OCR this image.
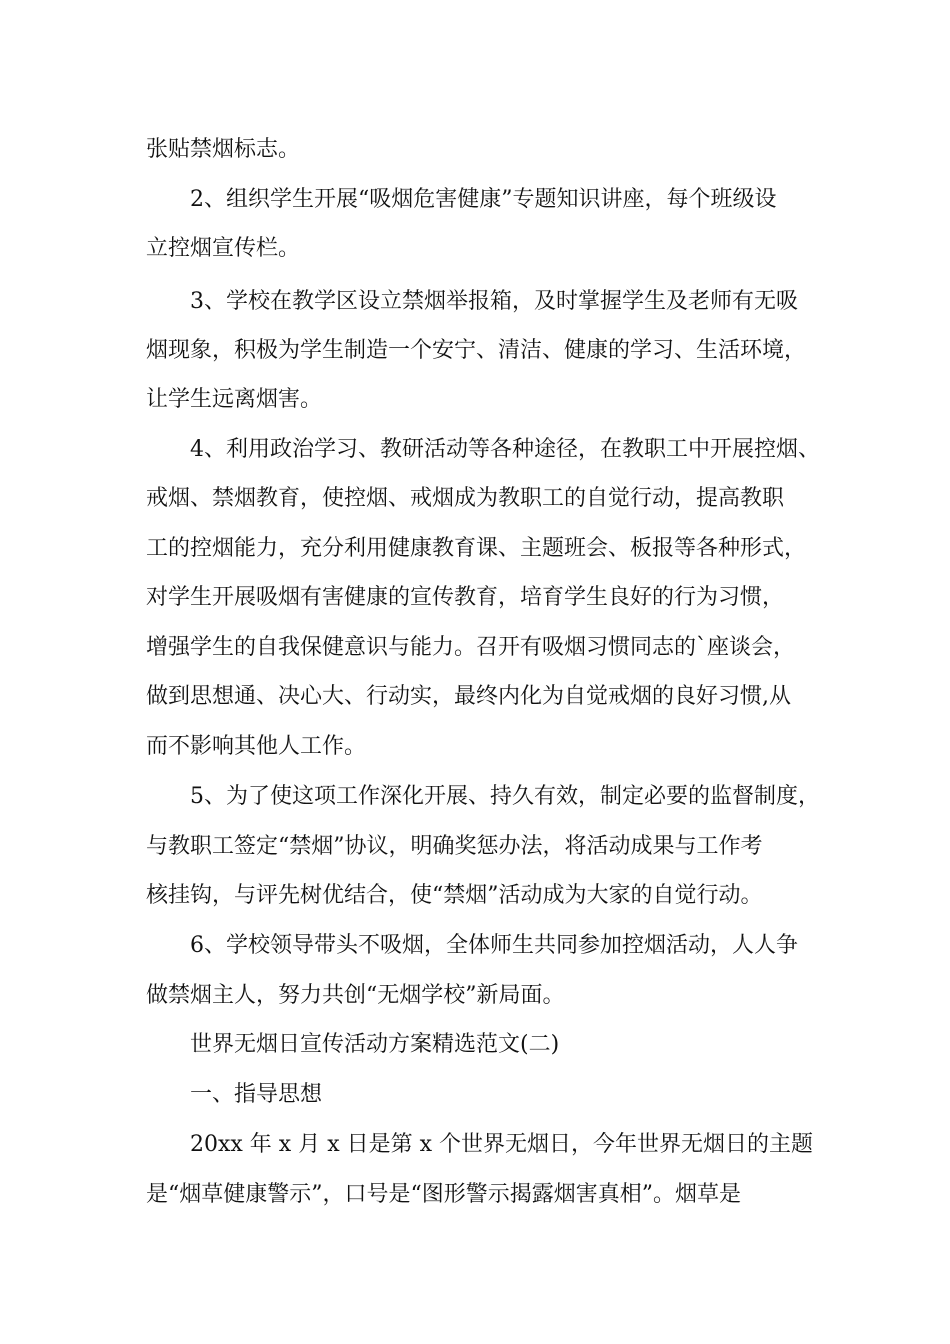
张贴禁烟标志。
2、组织学生开展“吸烟危害健康”专题知识讲座，每个班级设
立控烟宣传栏。
3、学校在教学区设立禁烟举报箱，及时掌握学生及老师有无吸
烟现象，积极为学生制造一个安宁、清洁、健康的学习、生活环境，
让学生远离烟害。
4、利用政治学习、教研活动等各种途径，在教职工中开展控烟、
戒烟、禁烟教育，使控烟、戒烟成为教职工的自觉行动，提高教职
工的控烟能力，充分利用健康教育课、主题班会、板报等各种形式，
对学生开展吸烟有害健康的宣传教育，培育学生良好的行为习惯，
增强学生的自我保健意识与能力。召开有吸烟习惯同志的`座谈会，
做到思想通、决心大、行动实，最终内化为自觉戒烟的良好习惯,从
而不影响其他人工作。
5、为了使这项工作深化开展、持久有效，制定必要的监督制度，
与教职工签定“禁烟”协议，明确奖惩办法，将活动成果与工作考
核挂钩，与评先树优结合，使“禁烟”活动成为大家的自觉行动。
6、学校领导带头不吸烟，全体师生共同参加控烟活动，人人争
做禁烟主人，努力共创“无烟学校”新局面。
世界无烟日宣传活动方案精选范文(二)
一、指导思想
20xx 年 x 月 x 日是第 x 个世界无烟日，今年世界无烟日的主题
是“烟草健康警示”，口号是“图形警示揭露烟害真相”。烟草是
